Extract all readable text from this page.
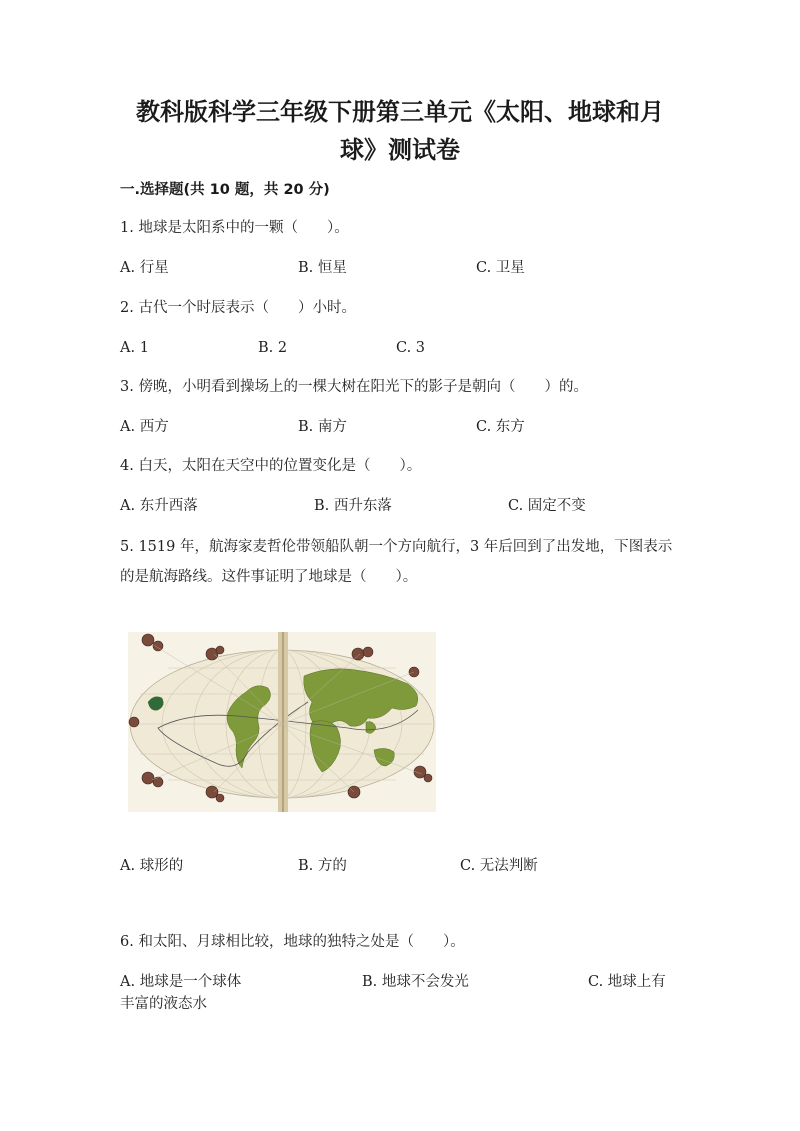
教科版科学三年级下册第三单元《太阳、地球和月
球》测试卷
一.选择题(共 10 题，共 20 分)
1. 地球是太阳系中的一颗（　　）。
A. 行星	B. 恒星	C. 卫星
2. 古代一个时辰表示（　　）小时。
A. 1	B. 2	C. 3
3. 傍晚，小明看到操场上的一棵大树在阳光下的影子是朝向（　　）的。
A. 西方	B. 南方	C. 东方
4. 白天，太阳在天空中的位置变化是（　　）。
A. 东升西落	B. 西升东落	C. 固定不变
5. 1519 年，航海家麦哲伦带领船队朝一个方向航行，3 年后回到了出发地，下图表示的是航海路线。这件事证明了地球是（　　）。
A. 球形的	B. 方的	C. 无法判断
6. 和太阳、月球相比较，地球的独特之处是（　　）。
A. 地球是一个球体	B. 地球不会发光	C. 地球上有
丰富的液态水
